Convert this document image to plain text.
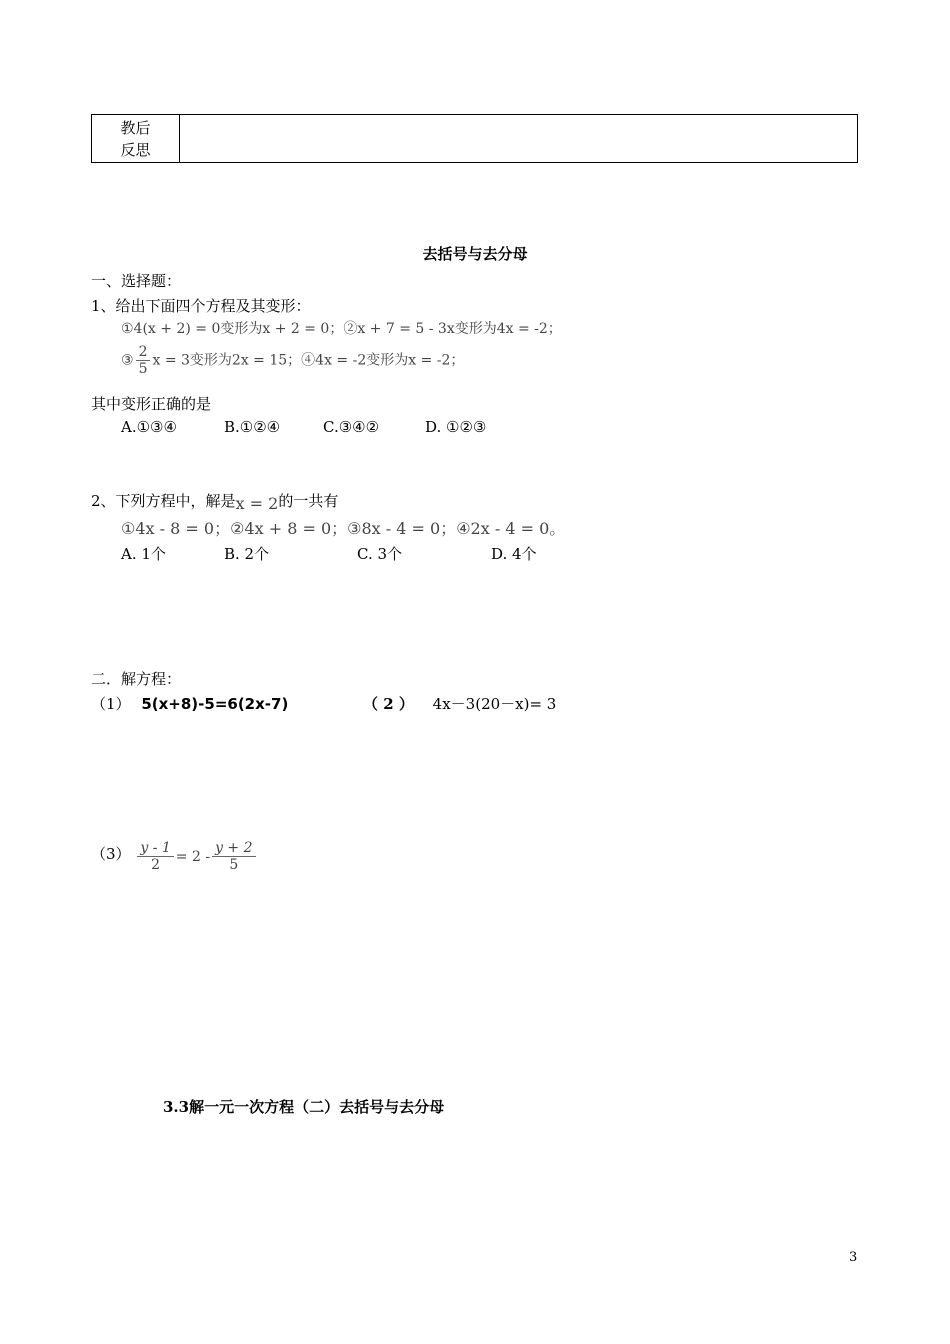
教后
反思
去括号与去分母
一、选择题：
1、给出下面四个方程及其变形：
①4(x + 2) = 0变形为x + 2 = 0；②x + 7 = 5 - 3x变形为4x = -2；
③ $\frac{2}{5}$ x = 3变形为2x = 15；④4x = -2变形为x = -2；
其中变形正确的是
A.①③④	B.①②④	C.③④②	D. ①②③
2、下列方程中，解是x = 2的一共有
①4x - 8 = 0；②4x + 8 = 0；③8x - 4 = 0；④2x - 4 = 0。
A. 1个	B. 2个	C. 3个	D. 4个
二．解方程：
（1） 5(x+8)-5=6(2x-7)	（ 2 ） 4x－3(20－x)= 3
$(3) \frac{y - 1}{2} = 2 - \frac{y + 2}{5}$
3.3解一元一次方程（二）去括号与去分母
3
